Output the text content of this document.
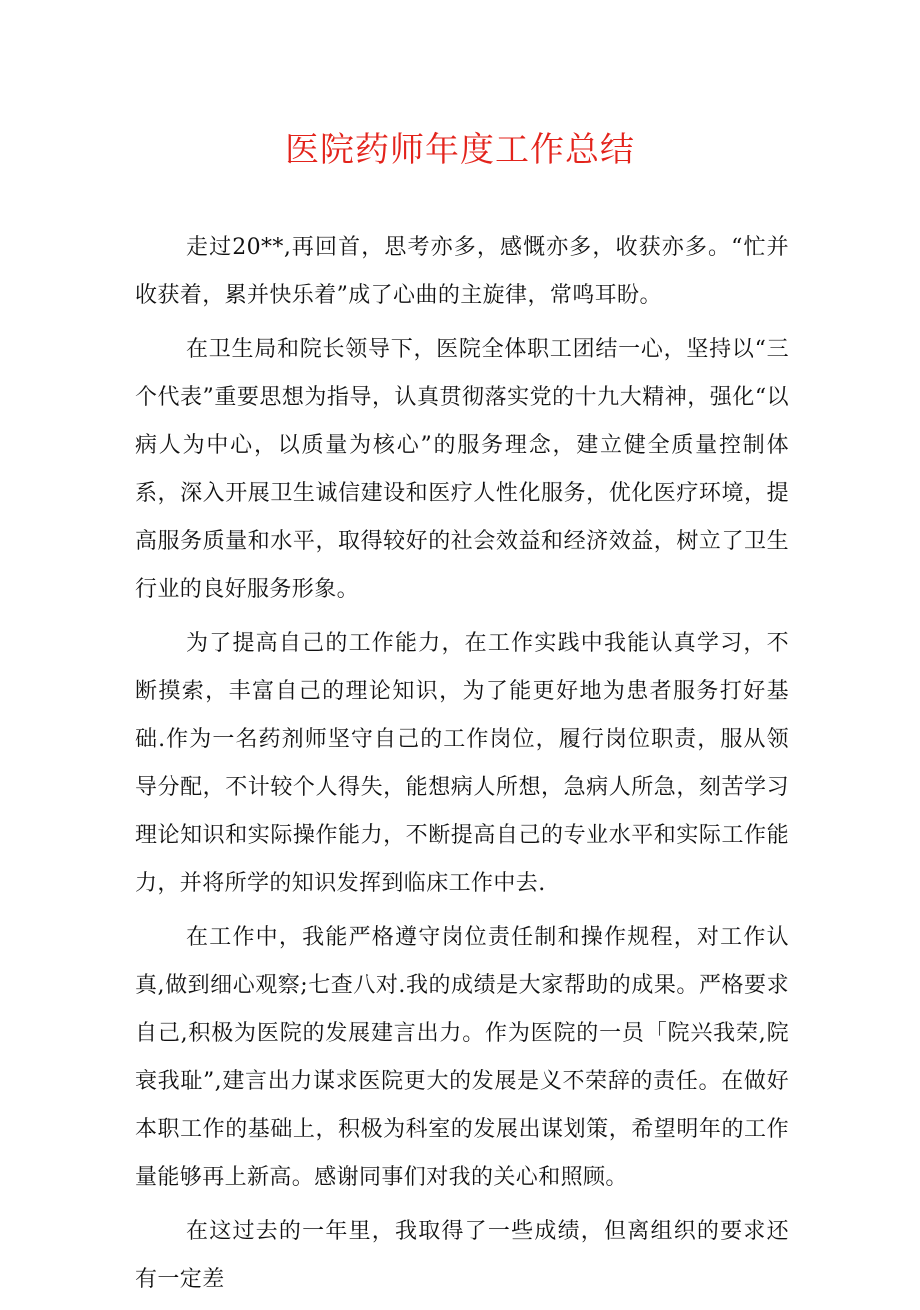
医院药师年度工作总结

走过20**,再回首，思考亦多，感慨亦多，收获亦多。“忙并收获着，累并快乐着”成了心曲的主旋律，常鸣耳盼。

在卫生局和院长领导下，医院全体职工团结一心，坚持以“三个代表”重要思想为指导，认真贯彻落实党的十九大精神，强化“以病人为中心，以质量为核心”的服务理念，建立健全质量控制体系，深入开展卫生诚信建设和医疗人性化服务，优化医疗环境，提高服务质量和水平，取得较好的社会效益和经济效益，树立了卫生行业的良好服务形象。

为了提高自己的工作能力，在工作实践中我能认真学习，不断摸索，丰富自己的理论知识，为了能更好地为患者服务打好基础.作为一名药剂师坚守自己的工作岗位，履行岗位职责，服从领导分配，不计较个人得失，能想病人所想，急病人所急，刻苦学习理论知识和实际操作能力，不断提高自己的专业水平和实际工作能力，并将所学的知识发挥到临床工作中去.

在工作中，我能严格遵守岗位责任制和操作规程，对工作认真,做到细心观察;七查八对.我的成绩是大家帮助的成果。严格要求自己,积极为医院的发展建言出力。作为医院的一员「院兴我荣,院衰我耻”,建言出力谋求医院更大的发展是义不荣辞的责任。在做好本职工作的基础上，积极为科室的发展出谋划策，希望明年的工作量能够再上新高。感谢同事们对我的关心和照顾。

在这过去的一年里，我取得了一些成绩，但离组织的要求还有一定差
